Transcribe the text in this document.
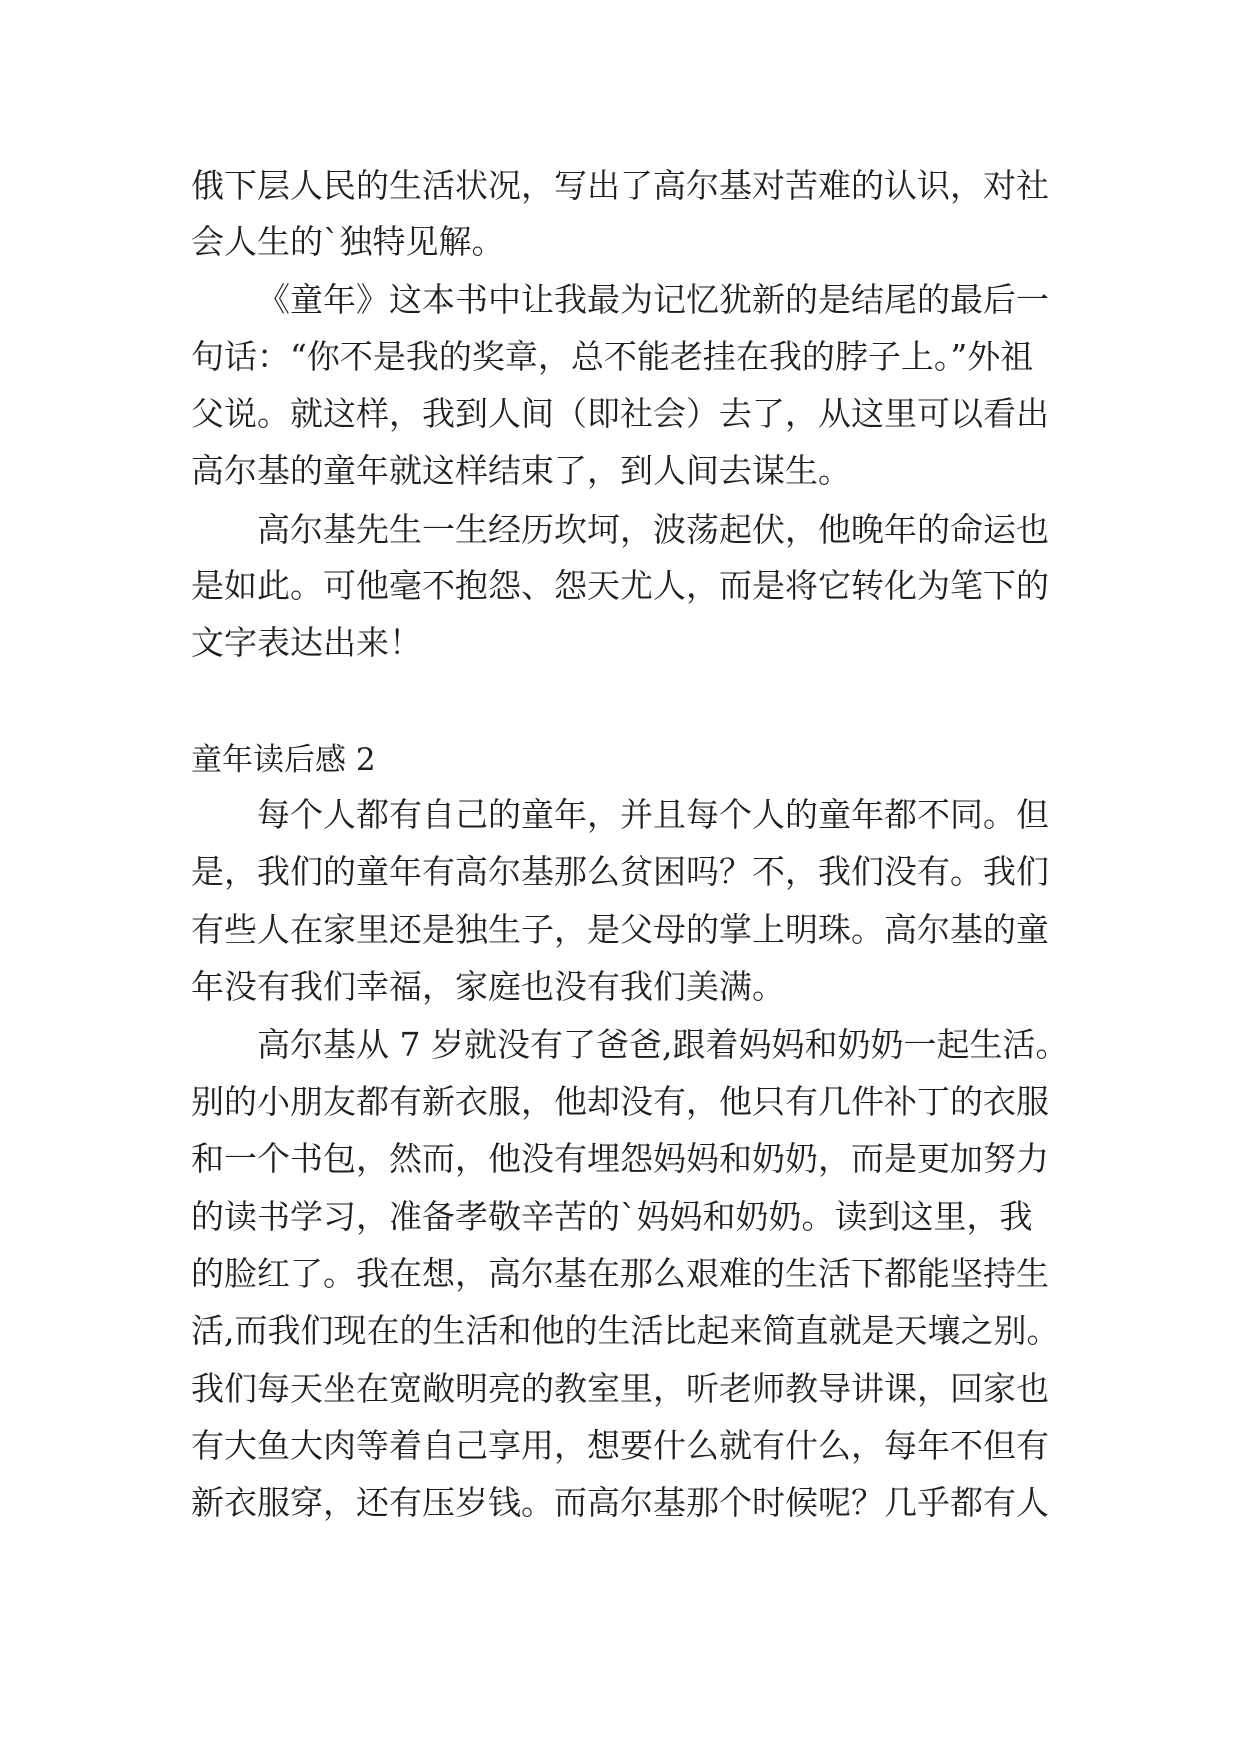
俄下层人民的生活状况，写出了高尔基对苦难的认识，对社
会人生的`独特见解。
《童年》这本书中让我最为记忆犹新的是结尾的最后一
句话：“你不是我的奖章，总不能老挂在我的脖子上。”外祖
父说。就这样，我到人间（即社会）去了，从这里可以看出
高尔基的童年就这样结束了，到人间去谋生。
高尔基先生一生经历坎坷，波荡起伏，他晚年的命运也
是如此。可他毫不抱怨、怨天尤人，而是将它转化为笔下的
文字表达出来！
童年读后感 2
每个人都有自己的童年，并且每个人的童年都不同。但
是，我们的童年有高尔基那么贫困吗？不，我们没有。我们
有些人在家里还是独生子，是父母的掌上明珠。高尔基的童
年没有我们幸福，家庭也没有我们美满。
高尔基从 7 岁就没有了爸爸,跟着妈妈和奶奶一起生活。
别的小朋友都有新衣服，他却没有，他只有几件补丁的衣服
和一个书包，然而，他没有埋怨妈妈和奶奶，而是更加努力
的读书学习，准备孝敬辛苦的`妈妈和奶奶。读到这里，我
的脸红了。我在想，高尔基在那么艰难的生活下都能坚持生
活,而我们现在的生活和他的生活比起来简直就是天壤之别。
我们每天坐在宽敞明亮的教室里，听老师教导讲课，回家也
有大鱼大肉等着自己享用，想要什么就有什么，每年不但有
新衣服穿，还有压岁钱。而高尔基那个时候呢？几乎都有人
